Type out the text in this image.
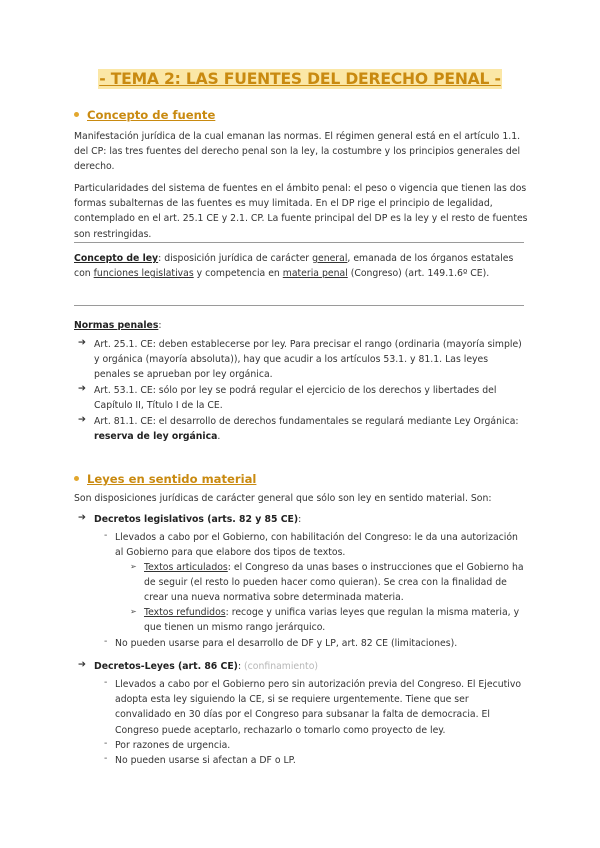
- TEMA 2: LAS FUENTES DEL DERECHO PENAL -
Concepto de fuente
Manifestación jurídica de la cual emanan las normas. El régimen general está en el artículo 1.1. del CP: las tres fuentes del derecho penal son la ley, la costumbre y los principios generales del derecho.
Particularidades del sistema de fuentes en el ámbito penal: el peso o vigencia que tienen las dos formas subalternas de las fuentes es muy limitada. En el DP rige el principio de legalidad, contemplado en el art. 25.1 CE y 2.1. CP. La fuente principal del DP es la ley y el resto de fuentes son restringidas.
Concepto de ley: disposición jurídica de carácter general, emanada de los órganos estatales con funciones legislativas y competencia en materia penal (Congreso) (art. 149.1.6º CE).
Normas penales:
➔ Art. 25.1. CE: deben establecerse por ley. Para precisar el rango (ordinaria (mayoría simple) y orgánica (mayoría absoluta)), hay que acudir a los artículos 53.1. y 81.1. Las leyes penales se aprueban por ley orgánica.
➔ Art. 53.1. CE: sólo por ley se podrá regular el ejercicio de los derechos y libertades del Capítulo II, Título I de la CE.
➔ Art. 81.1. CE: el desarrollo de derechos fundamentales se regulará mediante Ley Orgánica: reserva de ley orgánica.
Leyes en sentido material
Son disposiciones jurídicas de carácter general que sólo son ley en sentido material. Son:
➔ Decretos legislativos (arts. 82 y 85 CE):
- Llevados a cabo por el Gobierno, con habilitación del Congreso: le da una autorización al Gobierno para que elabore dos tipos de textos.
➢ Textos articulados: el Congreso da unas bases o instrucciones que el Gobierno ha de seguir (el resto lo pueden hacer como quieran). Se crea con la finalidad de crear una nueva normativa sobre determinada materia.
➢ Textos refundidos: recoge y unifica varias leyes que regulan la misma materia, y que tienen un mismo rango jerárquico.
- No pueden usarse para el desarrollo de DF y LP, art. 82 CE (limitaciones).
➔ Decretos-Leyes (art. 86 CE): (confinamiento)
- Llevados a cabo por el Gobierno pero sin autorización previa del Congreso. El Ejecutivo adopta esta ley siguiendo la CE, si se requiere urgentemente. Tiene que ser convalidado en 30 días por el Congreso para subsanar la falta de democracia. El Congreso puede aceptarlo, rechazarlo o tomarlo como proyecto de ley.
- Por razones de urgencia.
- No pueden usarse si afectan a DF o LP.
